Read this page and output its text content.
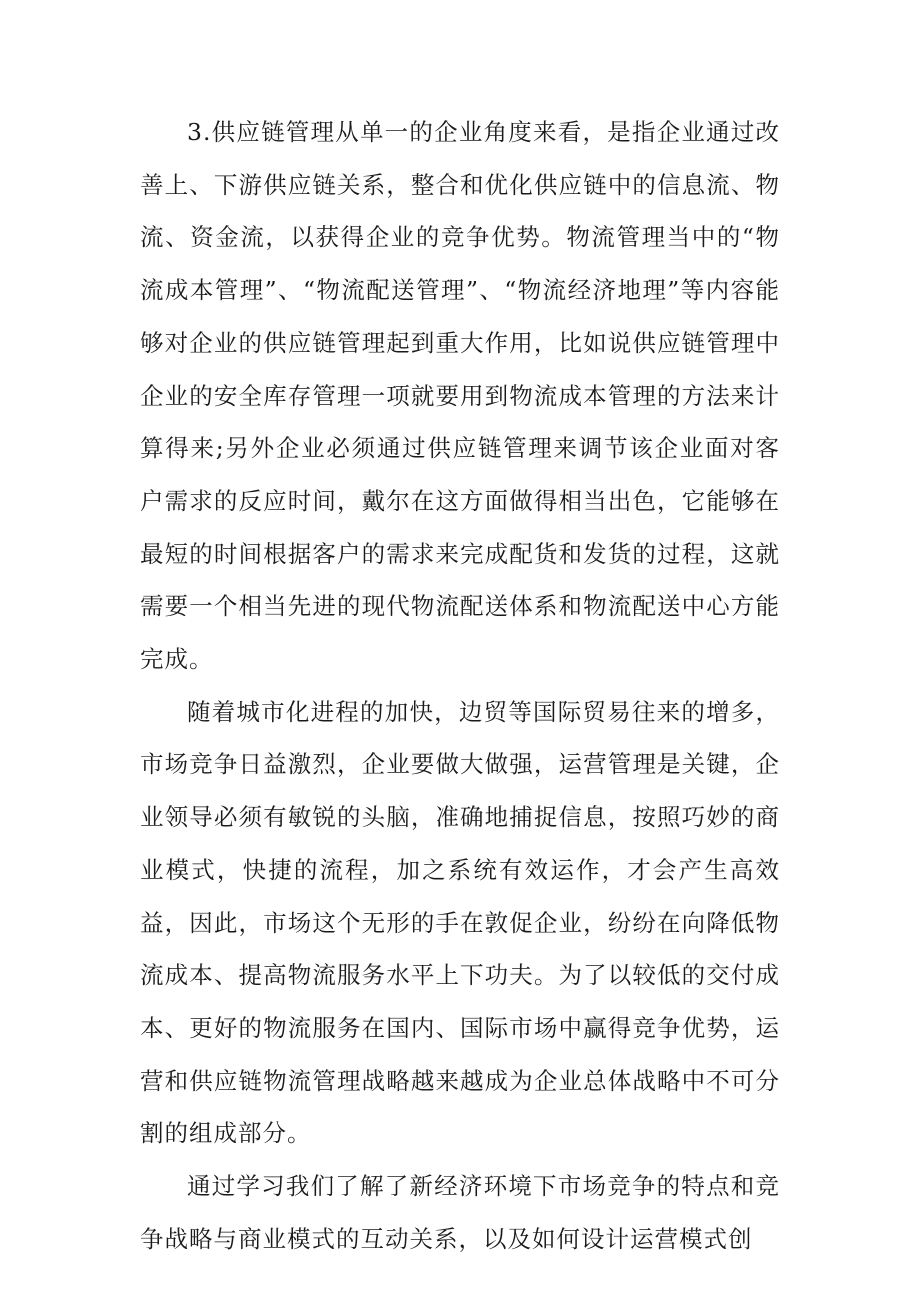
3.供应链管理从单一的企业角度来看，是指企业通过改善上、下游供应链关系，整合和优化供应链中的信息流、物流、资金流，以获得企业的竞争优势。物流管理当中的“物流成本管理”、“物流配送管理”、“物流经济地理”等内容能够对企业的供应链管理起到重大作用，比如说供应链管理中企业的安全库存管理一项就要用到物流成本管理的方法来计算得来;另外企业必须通过供应链管理来调节该企业面对客户需求的反应时间，戴尔在这方面做得相当出色，它能够在最短的时间根据客户的需求来完成配货和发货的过程，这就需要一个相当先进的现代物流配送体系和物流配送中心方能完成。

随着城市化进程的加快，边贸等国际贸易往来的增多，市场竞争日益激烈，企业要做大做强，运营管理是关键，企业领导必须有敏锐的头脑，准确地捕捉信息，按照巧妙的商业模式，快捷的流程，加之系统有效运作，才会产生高效益，因此，市场这个无形的手在敦促企业，纷纷在向降低物流成本、提高物流服务水平上下功夫。为了以较低的交付成本、更好的物流服务在国内、国际市场中赢得竞争优势，运营和供应链物流管理战略越来越成为企业总体战略中不可分割的组成部分。

通过学习我们了解了新经济环境下市场竞争的特点和竞争战略与商业模式的互动关系，以及如何设计运营模式创
